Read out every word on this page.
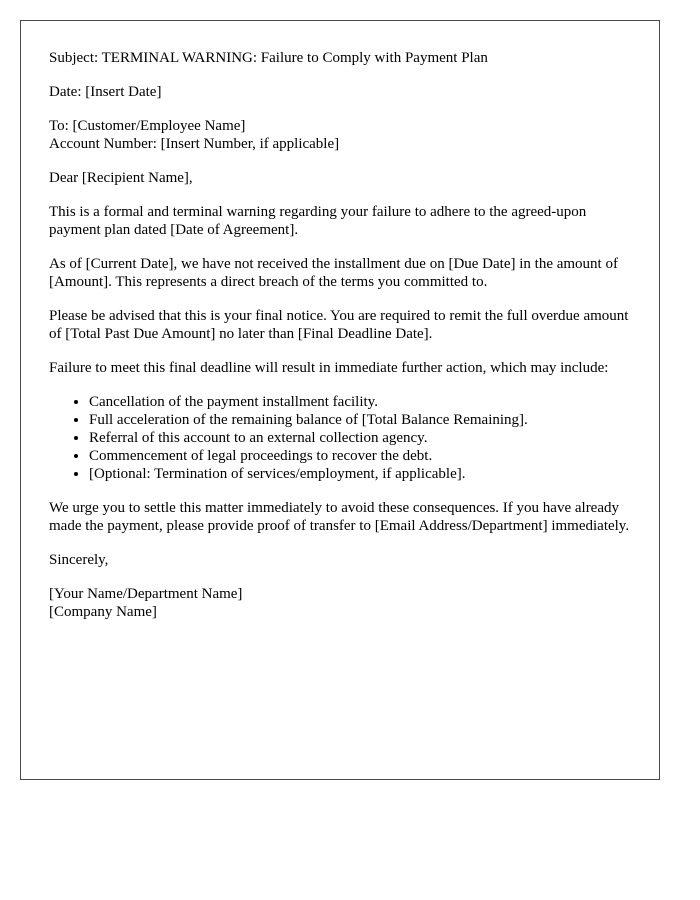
Subject: TERMINAL WARNING: Failure to Comply with Payment Plan

Date: [Insert Date]

To: [Customer/Employee Name]
Account Number: [Insert Number, if applicable]

Dear [Recipient Name],

This is a formal and terminal warning regarding your failure to adhere to the agreed-upon payment plan dated [Date of Agreement].

As of [Current Date], we have not received the installment due on [Due Date] in the amount of [Amount]. This represents a direct breach of the terms you committed to.

Please be advised that this is your final notice. You are required to remit the full overdue amount of [Total Past Due Amount] no later than [Final Deadline Date].

Failure to meet this final deadline will result in immediate further action, which may include:

• Cancellation of the payment installment facility.
• Full acceleration of the remaining balance of [Total Balance Remaining].
• Referral of this account to an external collection agency.
• Commencement of legal proceedings to recover the debt.
• [Optional: Termination of services/employment, if applicable].

We urge you to settle this matter immediately to avoid these consequences. If you have already made the payment, please provide proof of transfer to [Email Address/Department] immediately.

Sincerely,

[Your Name/Department Name]
[Company Name]
